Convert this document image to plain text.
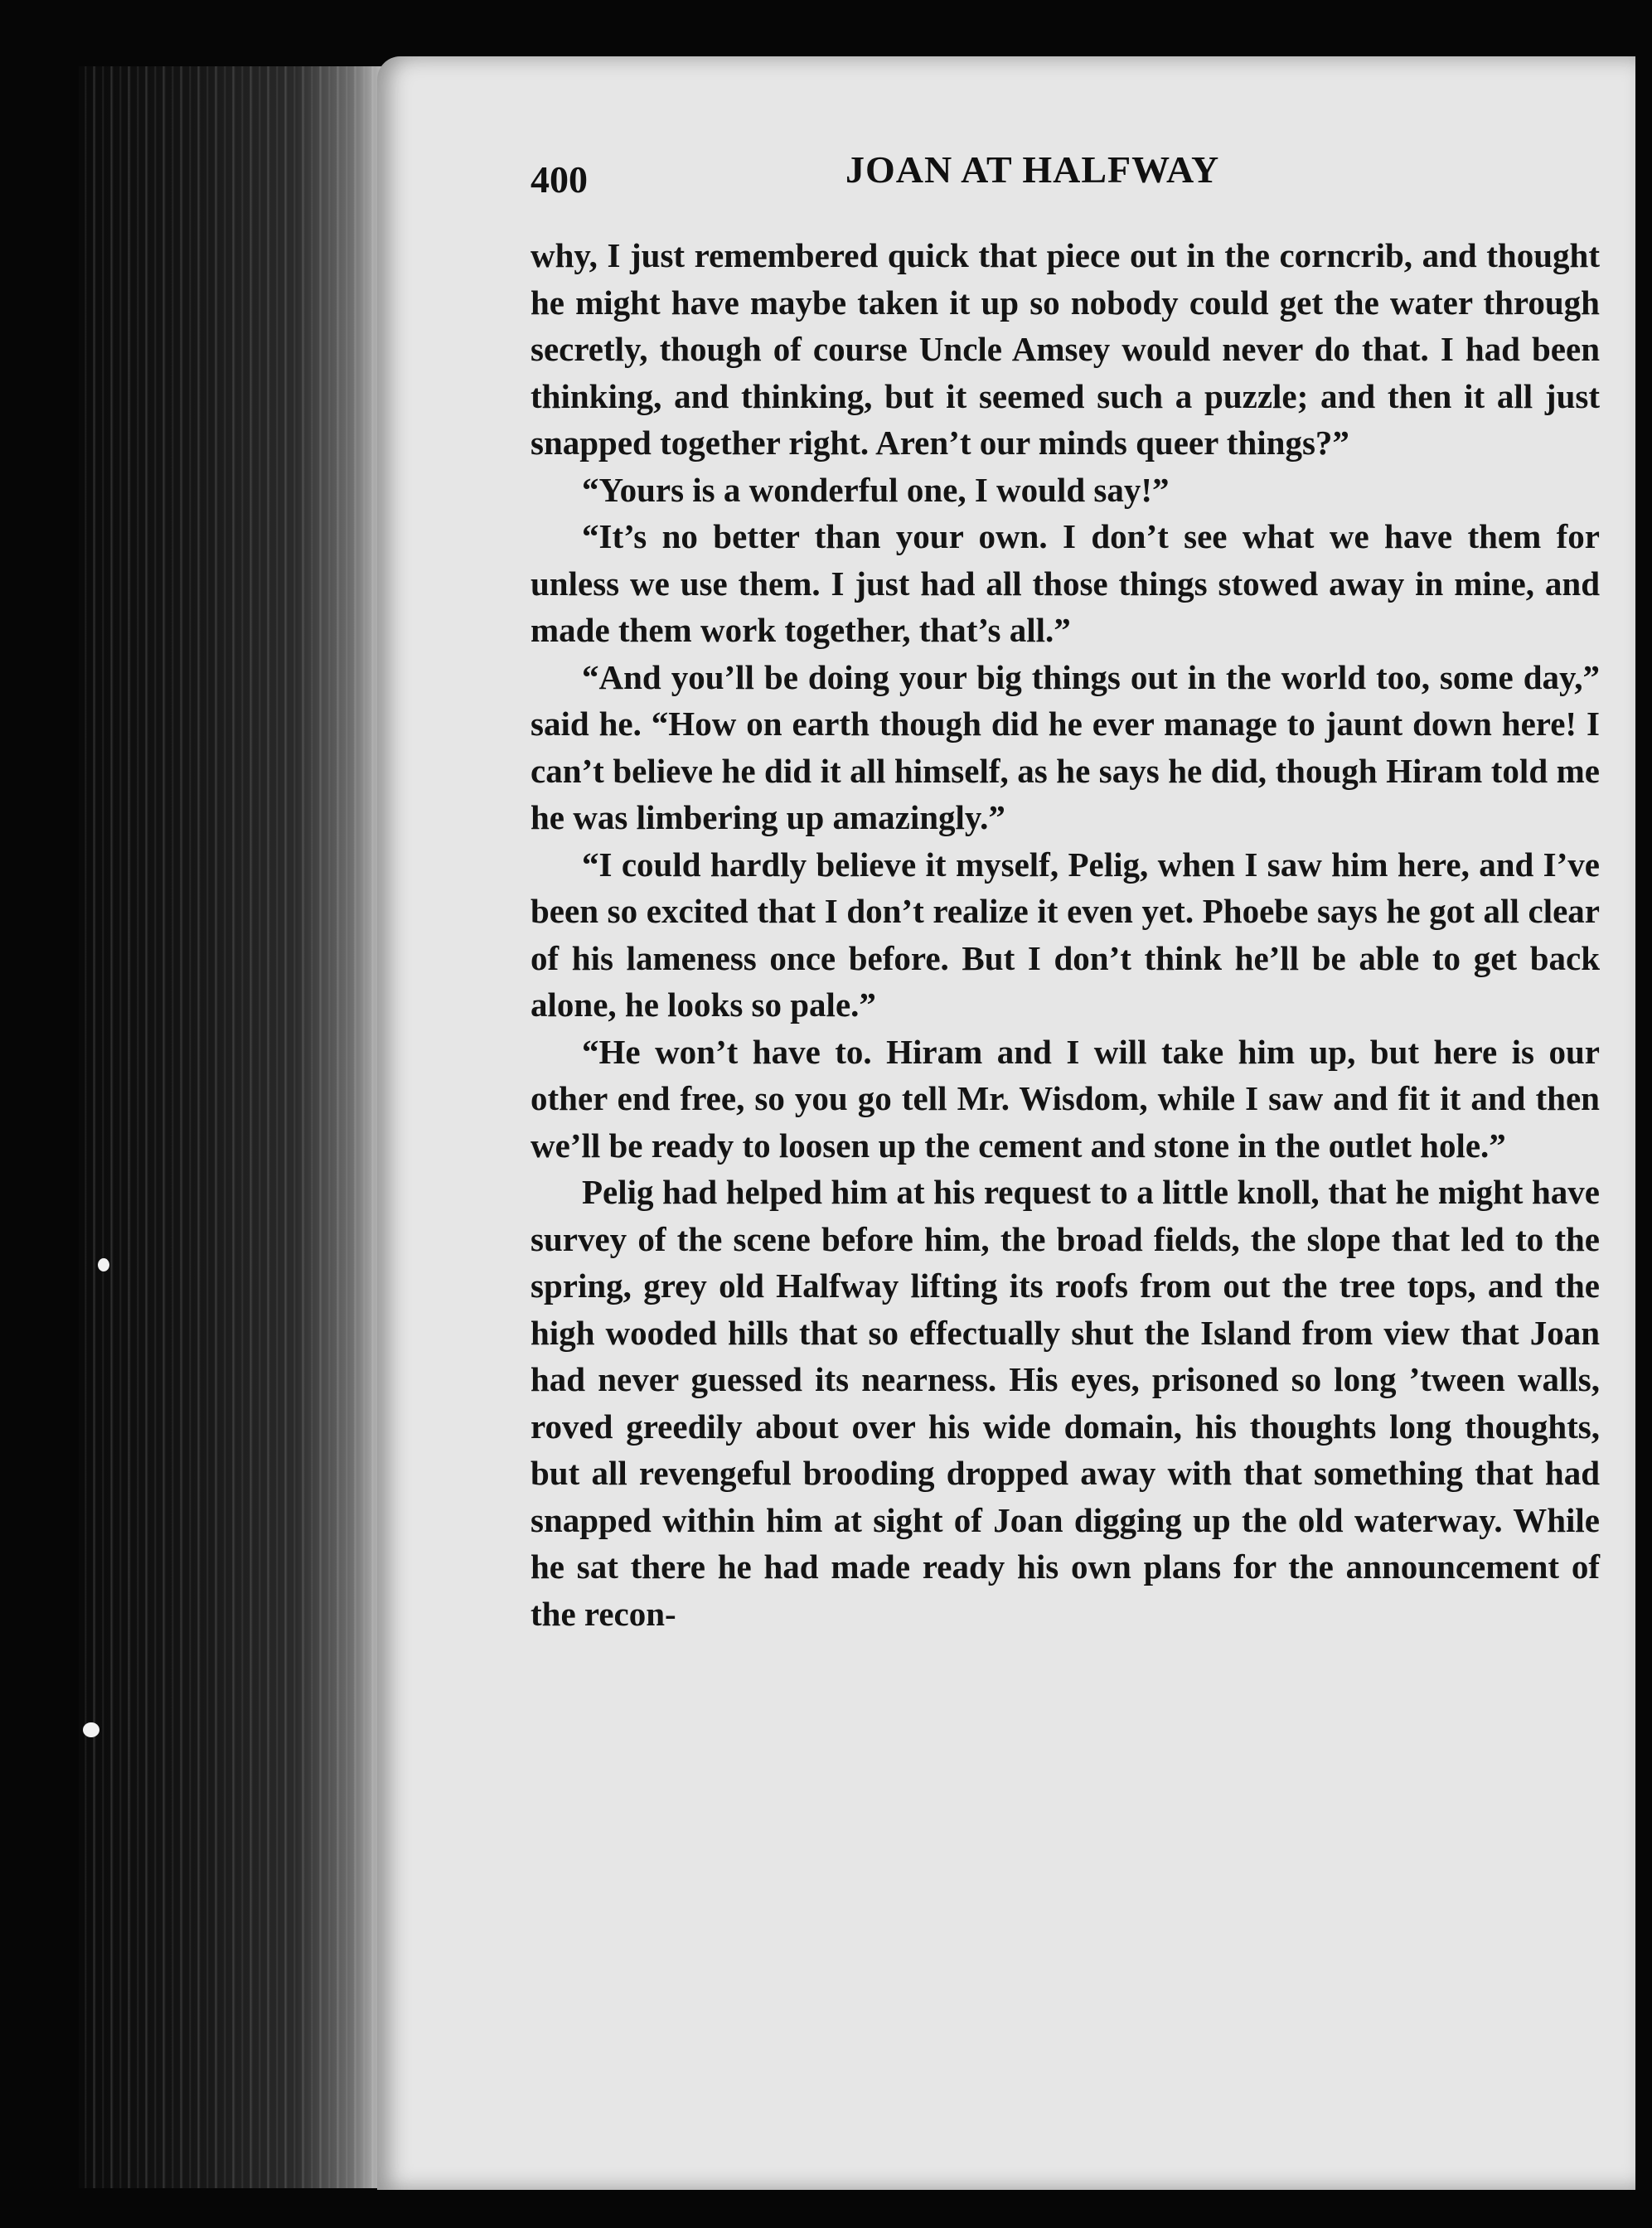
400	JOAN AT HALFWAY

why, I just remembered quick that piece out in the corncrib, and thought he might have maybe taken it up so nobody could get the water through secretly, though of course Uncle Amsey would never do that. I had been thinking, and thinking, but it seemed such a puzzle; and then it all just snapped together right. Aren’t our minds queer things?”

“Yours is a wonderful one, I would say!”

“It’s no better than your own. I don’t see what we have them for unless we use them. I just had all those things stowed away in mine, and made them work together, that’s all.”

“And you’ll be doing your big things out in the world too, some day,” said he. “How on earth though did he ever manage to jaunt down here! I can’t believe he did it all himself, as he says he did, though Hiram told me he was limbering up amazingly.”

“I could hardly believe it myself, Pelig, when I saw him here, and I’ve been so excited that I don’t realize it even yet. Phoebe says he got all clear of his lameness once before. But I don’t think he’ll be able to get back alone, he looks so pale.”

“He won’t have to. Hiram and I will take him up, but here is our other end free, so you go tell Mr. Wisdom, while I saw and fit it and then we’ll be ready to loosen up the cement and stone in the outlet hole.”

Pelig had helped him at his request to a little knoll, that he might have survey of the scene before him, the broad fields, the slope that led to the spring, grey old Halfway lifting its roofs from out the tree tops, and the high wooded hills that so effectually shut the Island from view that Joan had never guessed its nearness. His eyes, prisoned so long ’tween walls, roved greedily about over his wide domain, his thoughts long thoughts, but all revengeful brooding dropped away with that something that had snapped within him at sight of Joan digging up the old waterway. While he sat there he had made ready his own plans for the announcement of the recon-
